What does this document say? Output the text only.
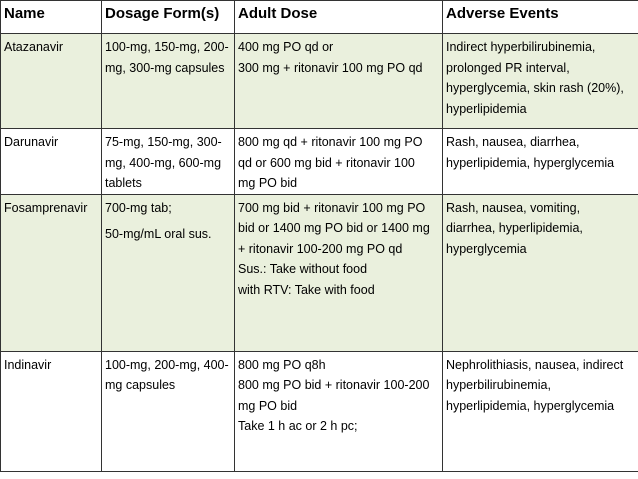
Name	Dosage Form(s)	Adult Dose	Adverse Events

Atazanavir	100-mg, 150-mg, 200-
mg, 300-mg capsules	400 mg PO qd or
300 mg + ritonavir 100 mg PO qd	Indirect hyperbilirubinemia,
prolonged PR interval,
hyperglycemia, skin rash (20%),
hyperlipidemia

Darunavir	75-mg, 150-mg, 300-
mg, 400-mg, 600-mg
tablets	800 mg qd + ritonavir 100 mg PO
qd or 600 mg bid + ritonavir 100
mg PO bid	Rash, nausea, diarrhea,
hyperlipidemia, hyperglycemia

Fosamprenavir	700-mg tab;
50-mg/mL oral sus.	700 mg bid + ritonavir 100 mg PO
bid or 1400 mg PO bid or 1400 mg
+ ritonavir 100-200 mg PO qd
Sus.: Take without food
with RTV: Take with food	Rash, nausea, vomiting,
diarrhea, hyperlipidemia,
hyperglycemia

Indinavir	100-mg, 200-mg, 400-
mg capsules	800 mg PO q8h
800 mg PO bid + ritonavir 100-200
mg PO bid
Take 1 h ac or 2 h pc;	Nephrolithiasis, nausea, indirect
hyperbilirubinemia,
hyperlipidemia, hyperglycemia
